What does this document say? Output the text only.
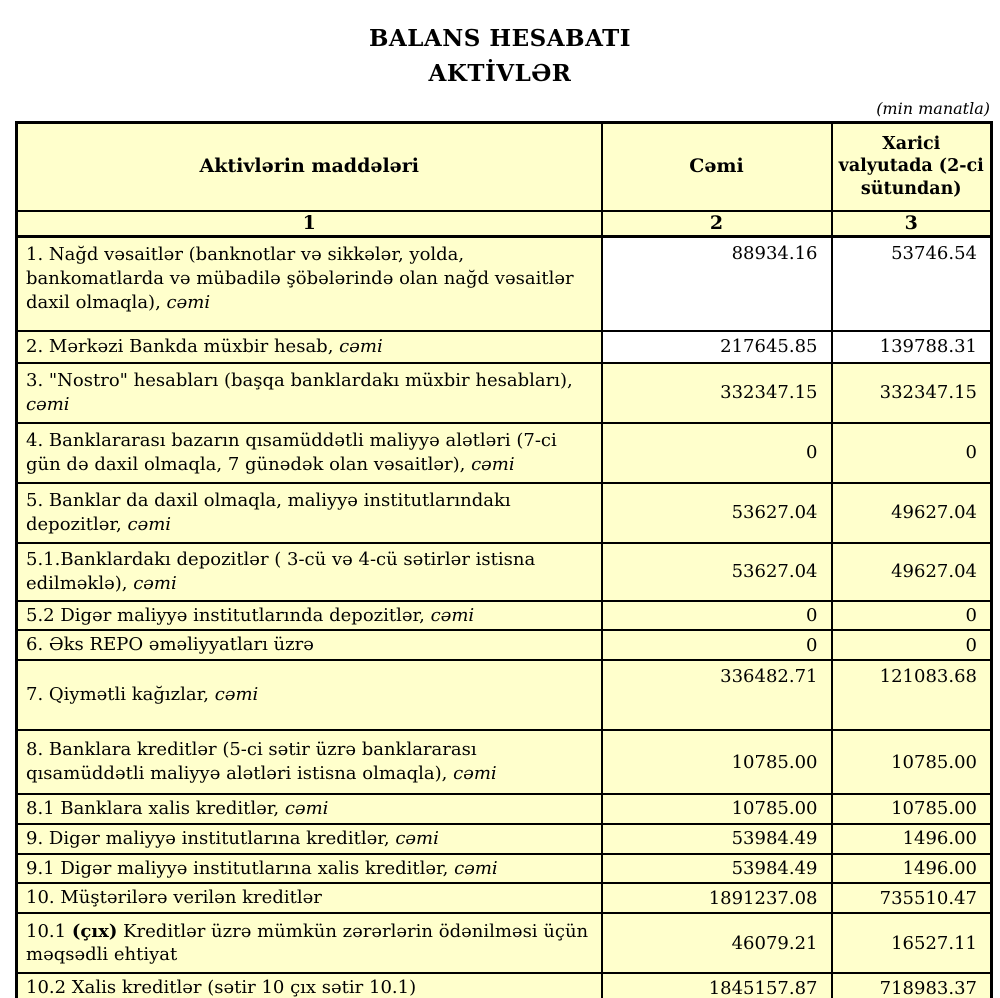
BALANS HESABATI
AKTİVLƏR
(min manatla)
Aktivlərin maddələri	Cəmi	Xarici valyutada (2-ci sütundan)
1	2	3
1. Nağd vəsaitlər (banknotlar və sikkələr, yolda, bankomatlarda və mübadilə şöbələrində olan nağd vəsaitlər daxil olmaqla), cəmi	88934.16	53746.54
2. Mərkəzi Bankda müxbir hesab, cəmi	217645.85	139788.31
3. "Nostro" hesabları (başqa banklardakı müxbir hesabları), cəmi	332347.15	332347.15
4. Banklararası bazarın qısamüddətli maliyyə alətləri (7-ci gün də daxil olmaqla, 7 günədək olan vəsaitlər), cəmi	0	0
5. Banklar da daxil olmaqla, maliyyə institutlarındakı depozitlər, cəmi	53627.04	49627.04
5.1.Banklardakı depozitlər ( 3-cü və 4-cü sətirlər istisna edilməklə), cəmi	53627.04	49627.04
5.2 Digər maliyyə institutlarında depozitlər, cəmi	0	0
6. Əks REPO əməliyyatları üzrə	0	0
7. Qiymətli kağızlar, cəmi	336482.71	121083.68
8. Banklara kreditlər (5-ci sətir üzrə banklararası qısamüddətli maliyyə alətləri istisna olmaqla), cəmi	10785.00	10785.00
8.1 Banklara xalis kreditlər, cəmi	10785.00	10785.00
9. Digər maliyyə institutlarına kreditlər, cəmi	53984.49	1496.00
9.1 Digər maliyyə institutlarına xalis kreditlər, cəmi	53984.49	1496.00
10. Müştərilərə verilən kreditlər	1891237.08	735510.47
10.1 (çıx) Kreditlər üzrə mümkün zərərlərin ödənilməsi üçün məqsədli ehtiyat	46079.21	16527.11
10.2 Xalis kreditlər (sətir 10 çıx sətir 10.1)	1845157.87	718983.37
